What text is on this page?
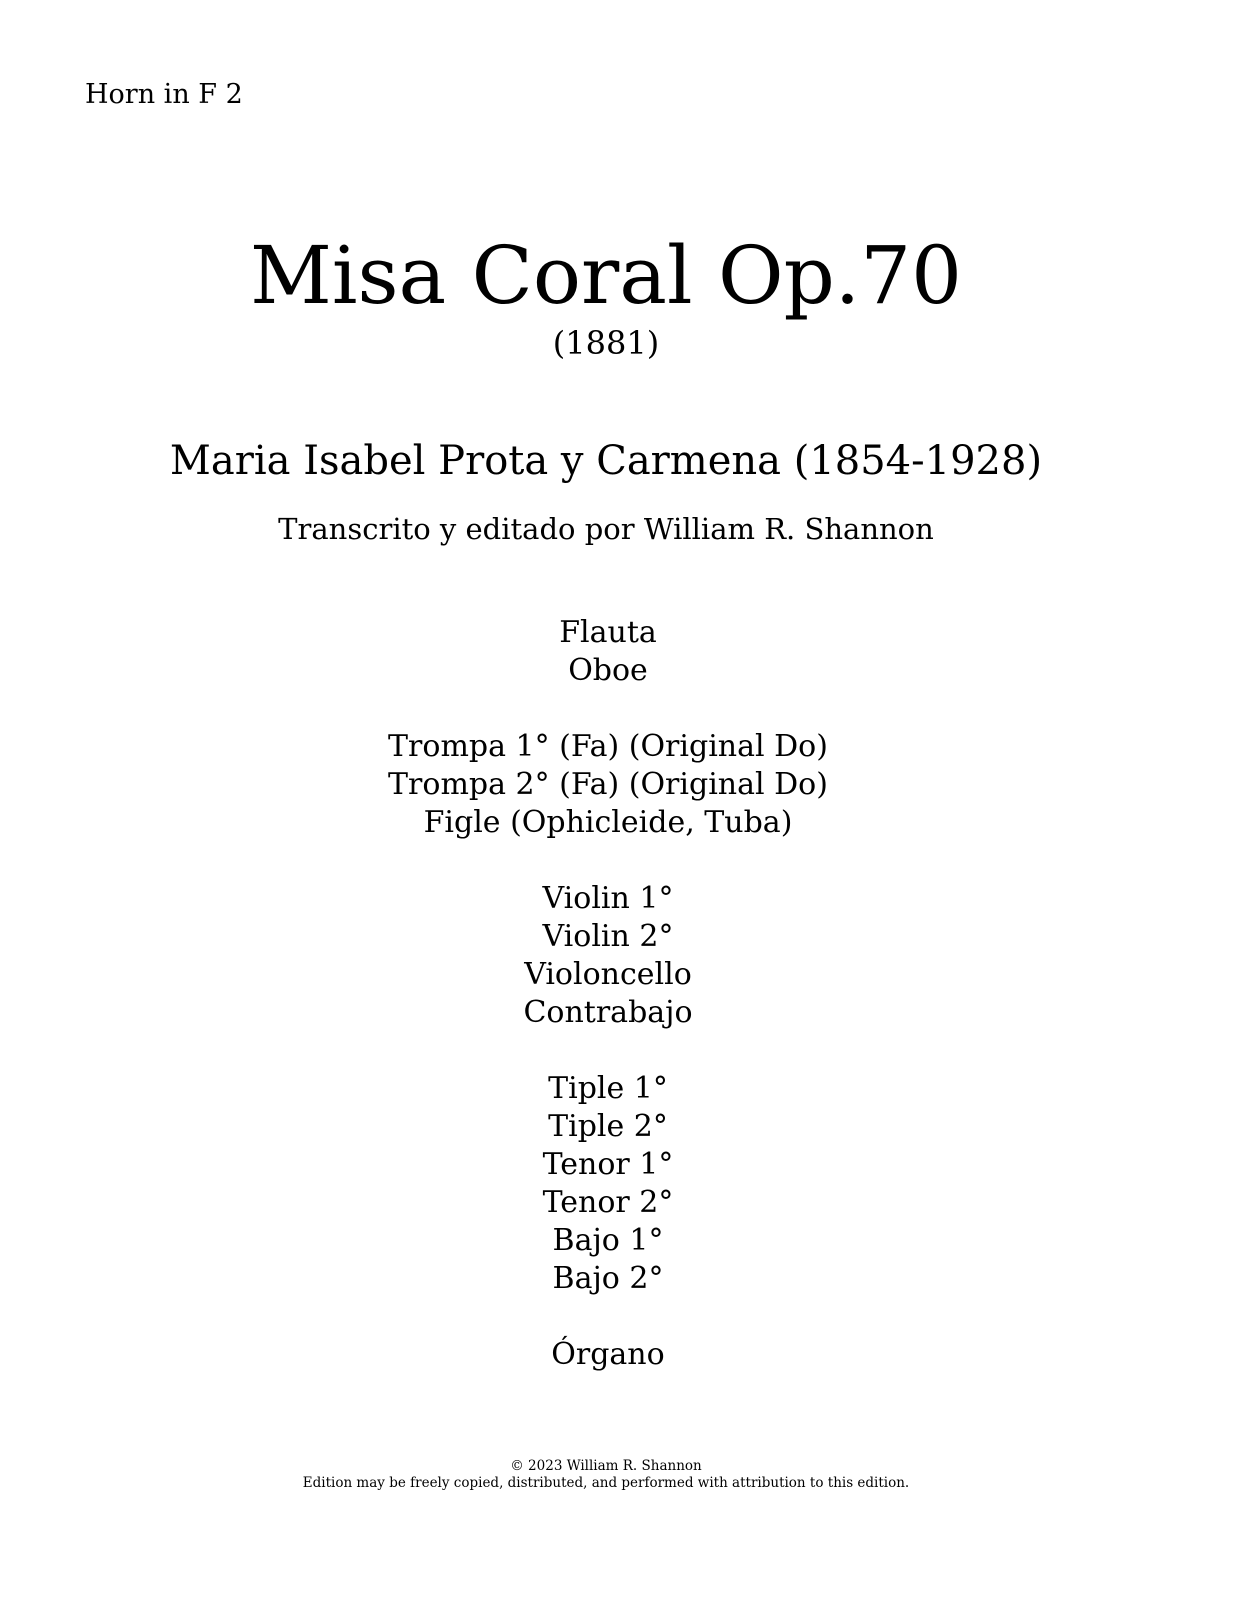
Horn in F 2
Misa Coral Op.70
(1881)
Maria Isabel Prota y Carmena (1854-1928)
Transcrito y editado por William R. Shannon
Flauta
Oboe
Trompa 1° (Fa) (Original Do)
Trompa 2° (Fa) (Original Do)
Figle (Ophicleide, Tuba)
Violin 1°
Violin 2°
Violoncello
Contrabajo
Tiple 1°
Tiple 2°
Tenor 1°
Tenor 2°
Bajo 1°
Bajo 2°
Órgano
© 2023 William R. Shannon
Edition may be freely copied, distributed, and performed with attribution to this edition.
